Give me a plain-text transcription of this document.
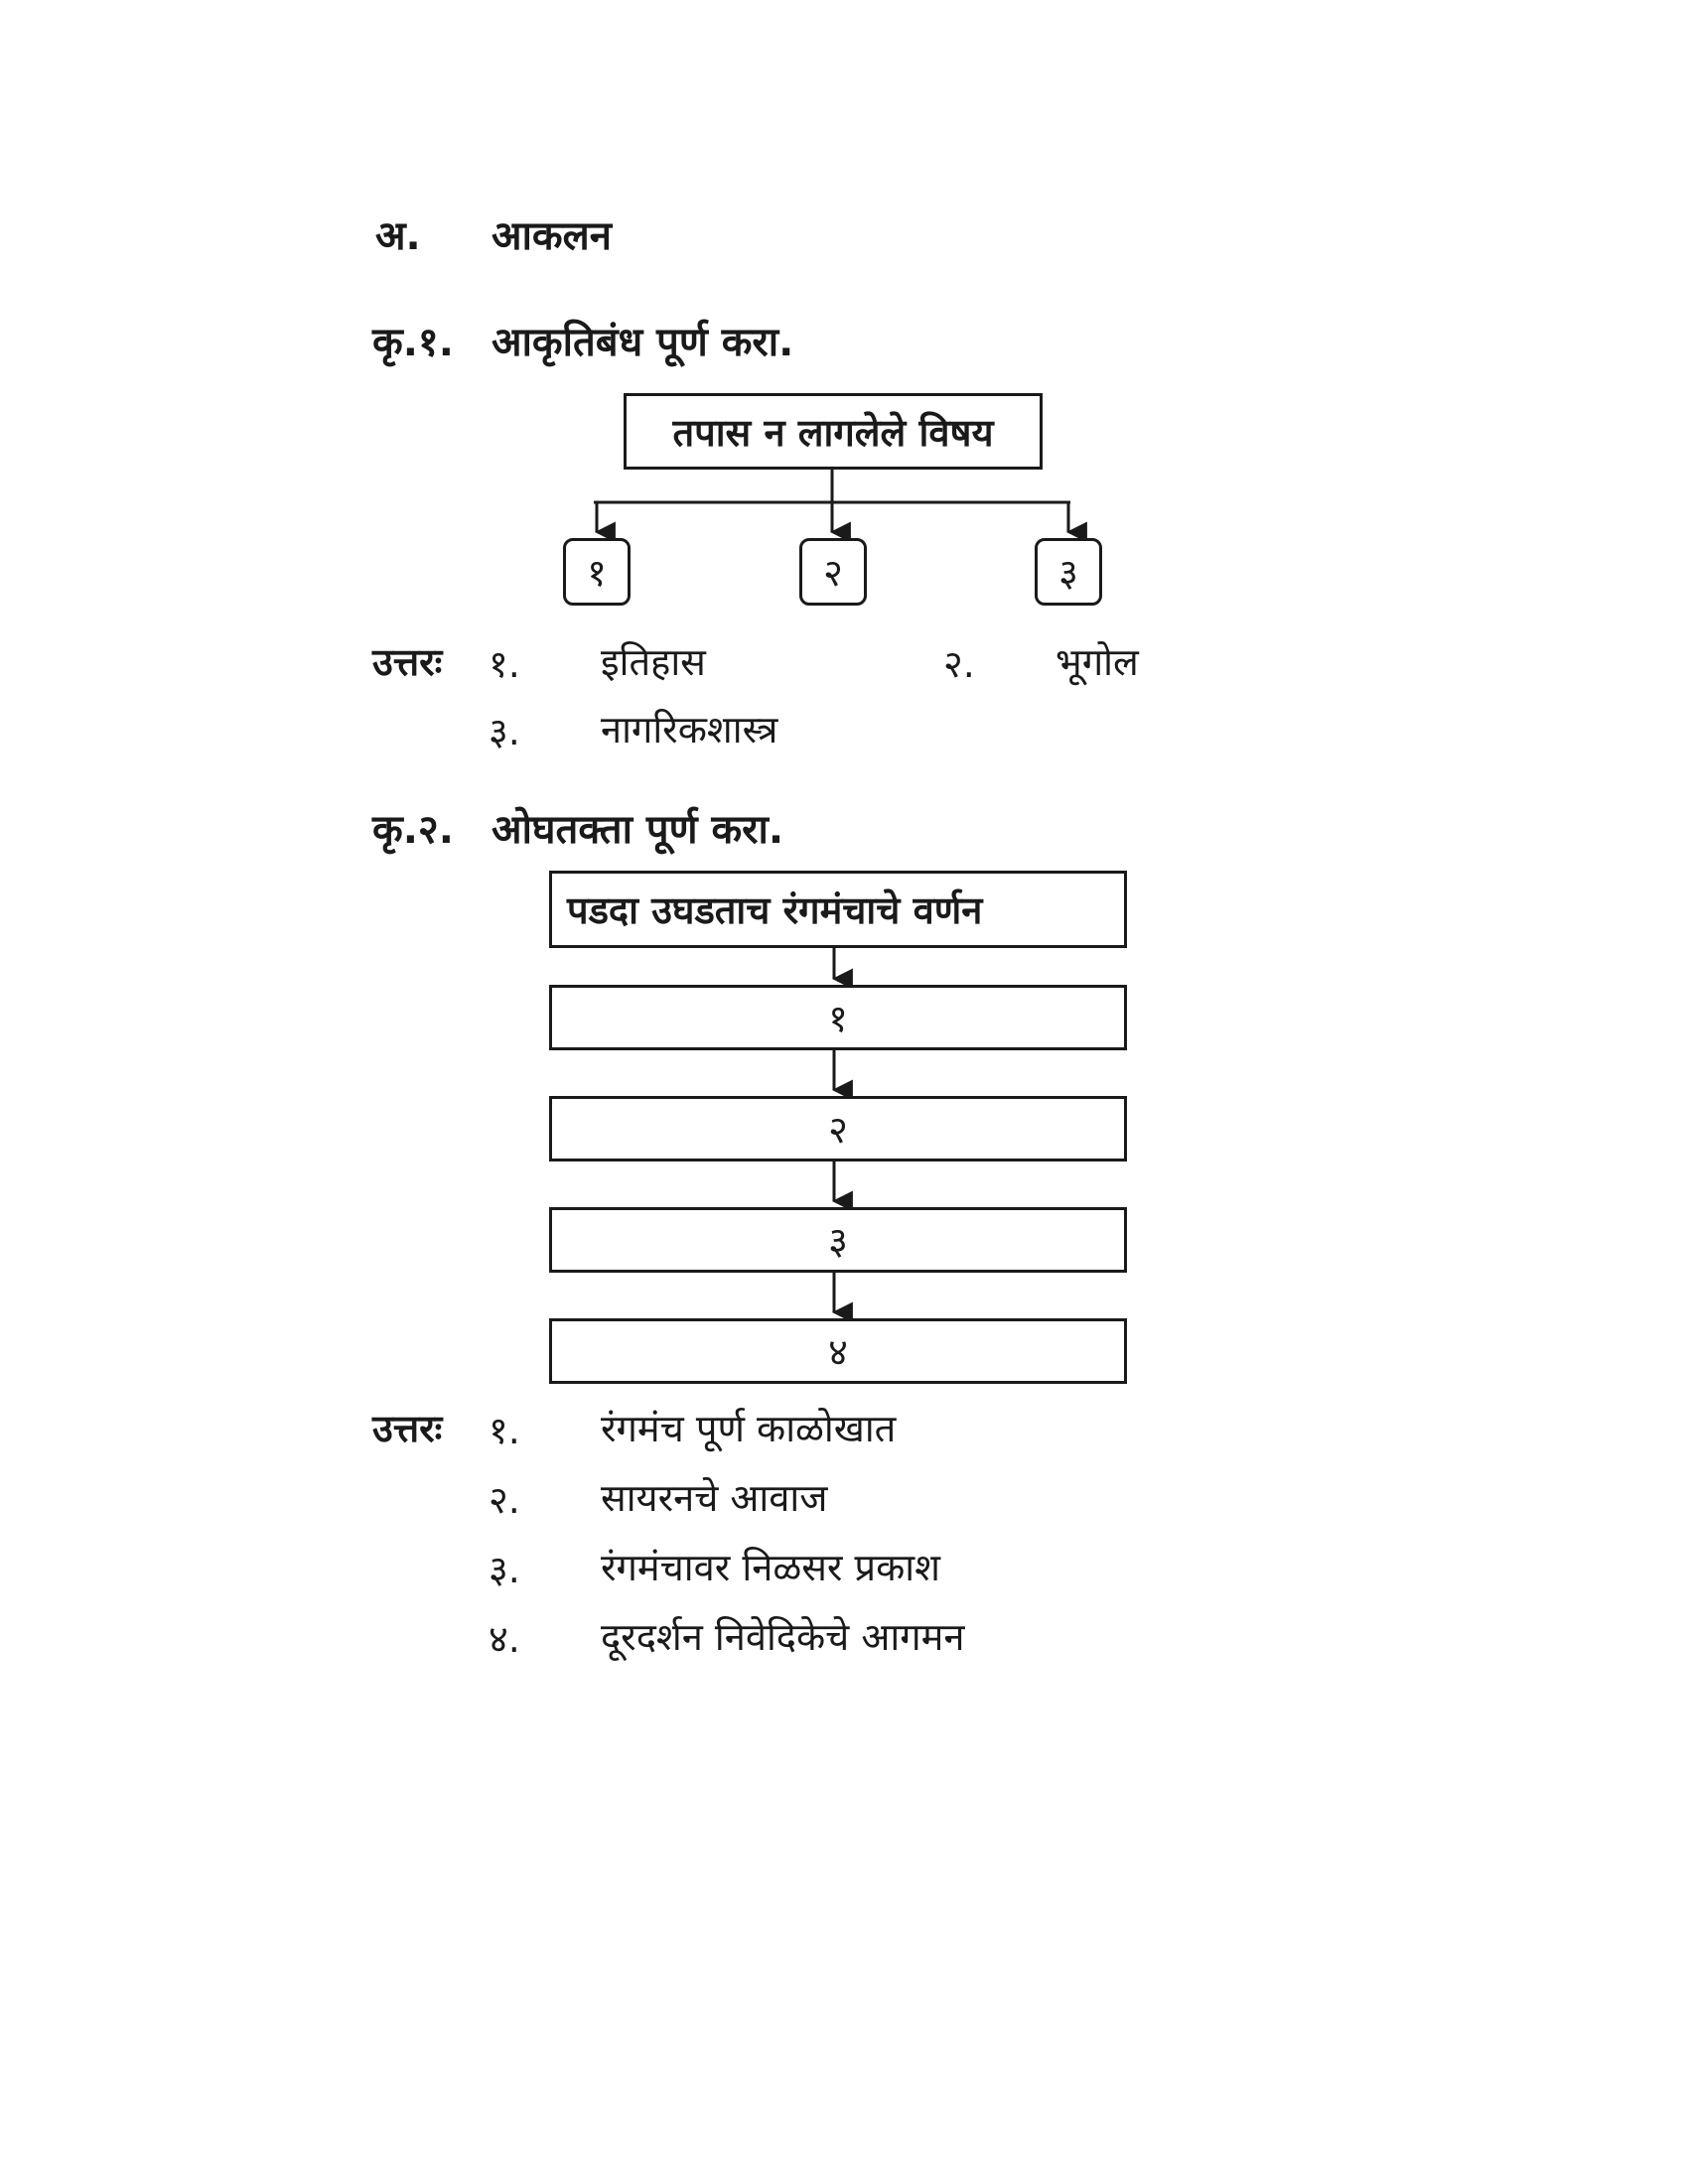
अ. आकलन
कृ.१. आकृतिबंध पूर्ण करा.
तपास न लागलेले विषय
१	२	३
उत्तरः १. इतिहास	२. भूगोल
३. नागरिकशास्त्र
कृ.२. ओघतक्ता पूर्ण करा.
पडदा उघडताच रंगमंचाचे वर्णन
१
२
३
४
उत्तरः १. रंगमंच पूर्ण काळोखात
२. सायरनचे आवाज
३. रंगमंचावर निळसर प्रकाश
४. दूरदर्शन निवेदिकेचे आगमन
